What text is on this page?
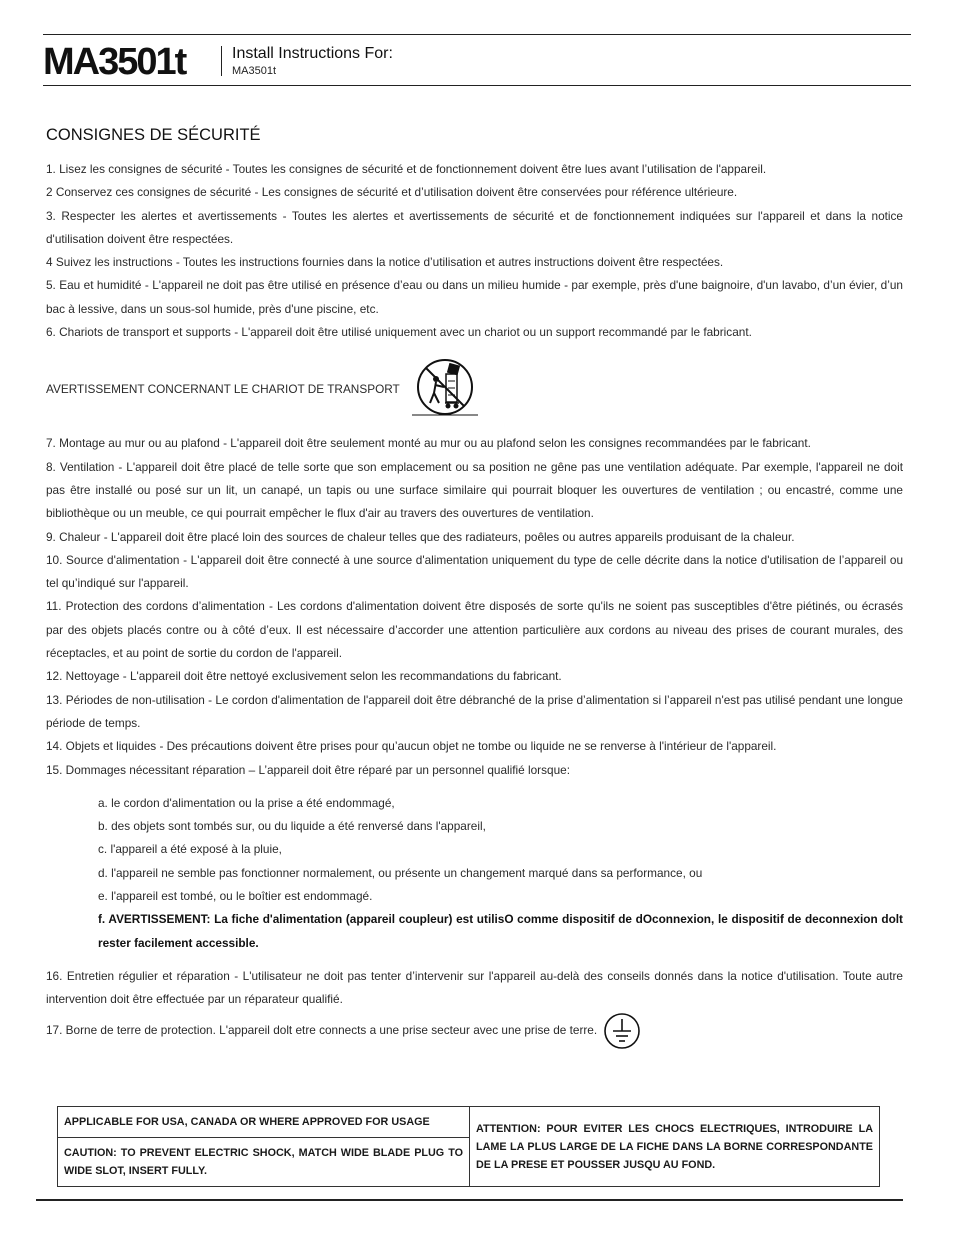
MA3501t	Install Instructions For:
MA3501t
CONSIGNES DE SÉCURITÉ

1. Lisez les consignes de sécurité - Toutes les consignes de sécurité et de fonctionnement doivent être lues avant l’utilisation de l'appareil.

2 Conservez ces consignes de sécurité - Les consignes de sécurité et d’utilisation doivent être conservées pour référence ultérieure.

3. Respecter les alertes et avertissements - Toutes les alertes et avertissements de sécurité et de fonctionnement indiquées sur l'appareil et dans la notice d'utilisation doivent être respectées.

4 Suivez les instructions - Toutes les instructions fournies dans la notice d’utilisation et autres instructions doivent être respectées.

5. Eau et humidité - L'appareil ne doit pas être utilisé en présence d’eau ou dans un milieu humide - par exemple, près d'une baignoire, d'un lavabo, d’un évier, d’un bac à lessive, dans un sous-sol humide, près d'une piscine, etc.

6. Chariots de transport et supports - L'appareil doit être utilisé uniquement avec un chariot ou un support recommandé par le fabricant.

AVERTISSEMENT CONCERNANT LE CHARIOT DE TRANSPORT

7. Montage au mur ou au plafond - L'appareil doit être seulement monté au mur ou au plafond selon les consignes recommandées par le fabricant.

8. Ventilation - L'appareil doit être placé de telle sorte que son emplacement ou sa position ne gêne pas une ventilation adéquate. Par exemple, l'appareil ne doit pas être installé ou posé sur un lit, un canapé, un tapis ou une surface similaire qui pourrait bloquer les ouvertures de ventilation ; ou encastré, comme une bibliothèque ou un meuble, ce qui pourrait empêcher le flux d'air au travers des ouvertures de ventilation.

9. Chaleur - L'appareil doit être placé loin des sources de chaleur telles que des radiateurs, poêles ou autres appareils produisant de la chaleur.

10. Source d'alimentation - L'appareil doit être connecté à une source d'alimentation uniquement du type de celle décrite dans la notice d'utilisation de l’appareil ou tel qu’indiqué sur l'appareil.

11. Protection des cordons d’alimentation - Les cordons d'alimentation doivent être disposés de sorte qu'ils ne soient pas susceptibles d'être piétinés, ou écrasés par des objets placés contre ou à côté d’eux. Il est nécessaire d’accorder une attention particulière aux cordons au niveau des prises de courant murales, des réceptacles, et au point de sortie du cordon de l'appareil.

12. Nettoyage - L'appareil doit être nettoyé exclusivement selon les recommandations du fabricant.

13. Périodes de non-utilisation - Le cordon d'alimentation de l'appareil doit être débranché de la prise d’alimentation si l’appareil n'est pas utilisé pendant une longue période de temps.

14. Objets et liquides - Des précautions doivent être prises pour qu’aucun objet ne tombe ou liquide ne se renverse à l'intérieur de l'appareil.

15. Dommages nécessitant réparation – L’appareil doit être réparé par un personnel qualifié lorsque:

a. le cordon d'alimentation ou la prise a été endommagé,

b. des objets sont tombés sur, ou du liquide a été renversé dans l'appareil,

c. l'appareil a été exposé à la pluie,

d. l'appareil ne semble pas fonctionner normalement, ou présente un changement marqué dans sa performance, ou

e. l'appareil est tombé, ou le boîtier est endommagé.

f. AVERTISSEMENT: La fiche d'alimentation (appareil coupleur) est utilisO comme dispositif de dOconnexion, le dispositif de deconnexion dolt rester facilement accessible.

16. Entretien régulier et réparation - L'utilisateur ne doit pas tenter d’intervenir sur l'appareil au-delà des conseils donnés dans la notice d'utilisation. Toute autre intervention doit être effectuée par un réparateur qualifié.

17. Borne de terre de protection. L'appareil dolt etre connects a une prise secteur avec une prise de terre.
APPLICABLE FOR USA, CANADA OR WHERE APPROVED FOR USAGE	ATTENTION: POUR EVITER LES CHOCS ELECTRIQUES, INTRODUIRE LA LAME LA PLUS LARGE DE LA FICHE DANS LA BORNE CORRESPONDANTE DE LA PRESE ET POUSSER JUSQU AU FOND.
CAUTION: TO PREVENT ELECTRIC SHOCK, MATCH WIDE BLADE PLUG TO WIDE SLOT, INSERT FULLY.
